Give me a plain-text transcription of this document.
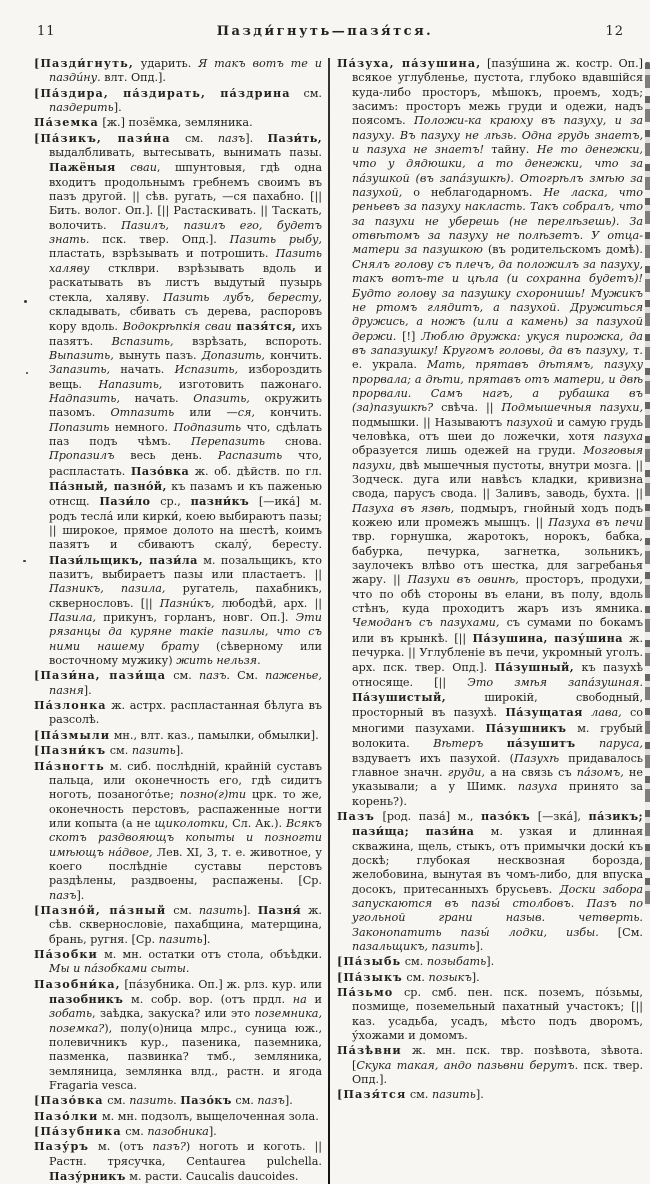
11	Пазди́гнуть—пазя́тся.	12

[Пазди́гнуть, ударить. Я такъ вотъ те и пазди́ну. влт. Опд.].

[Па́здира, па́здирать, па́здрина см. паздерить].

Па́земка [ж.] позёмка, земляника.

[Па́зикъ, пази́на см. пазъ]. Пази́ть, выдалбливать, вытесывать, вынимать пазы. Пажёныя сваи, шпунтовыя, гдѣ одна входитъ продольнымъ гребнемъ своимъ въ пазъ другой. || сѣв. ругать, —ся пахабно. [|| Бить. волог. Оп.]. [|| Растаскивать. || Таскать, волочить. Пазилъ, пазилъ его, будетъ знать. пск. твер. Опд.]. Пазить рыбу, пластать, взрѣзывать и потрошить. Пазить халяву стклври. взрѣзывать вдоль и раскатывать въ листъ выдутый пузырь стекла, халяву. Пазить лубъ, бересту, складывать, сбивать съ дерева, распоровъ кору вдоль. Водокрѣпкія сваи пазя́тся, ихъ пазятъ. Вспазить, взрѣзать, вспороть. Выпазить, вынуть пазъ. Допазить, кончить. Запазить, начать. Испазить, избороздить вещь. Напазить, изготовить пажонаго. Надпазить, начать. Опазить, окружить пазомъ. Отпазить или —ся, кончить. Попазить немного. Подпазить что, сдѣлать паз подъ чѣмъ. Перепазить снова. Пропазилъ весь день. Распазить что, распластать. Пазо́вка ж. об. дѣйств. по гл. Па́зный, пазно́й, къ пазамъ и къ паженью отнсщ. Пази́ло ср., пазни́къ [—ика́] м. родъ тесла́ или кирки́, коею выбираютъ пазы; || широкое, прямое долото на шестѣ, коимъ пазятъ и сбиваютъ скалу́, бересту. Пази́льщикъ, пази́ла м. позальщикъ, кто пазитъ, выбираетъ пазы или пластаетъ. || Пазникъ, пазила, ругатель, пахабникъ, сквернословъ. [|| Пазни́къ, любодѣй, арх. || Пазила, прикунъ, горланъ, новг. Оп.]. Эти рязанцы да куряне такіе пазилы, что съ ними нашему брату (сѣверному или восточному мужику) жить нельзя.

[Пази́на, пази́ща см. пазъ. См. паженье, пазня].

Па́злонка ж. астрх. распластанная бѣлуга въ разсолѣ.

[Па́змыли мн., влт. каз., памылки, обмылки].

[Пазни́къ см. пазить].

Па́зногть м. сиб. послѣдній, крайній суставъ пальца, или оконечность его, гдѣ сидитъ ноготь, позаного́тье; позно(г)ти црк. то же, оконечность перстовъ, распаженные ногти или копыта (а не щиколотки, Сл. Ак.). Всякъ скотъ раздвояющъ копыты и позногти имѣющъ на́двое, Лев. XI, 3, т. е. животное, у коего послѣдніе суставы перстовъ раздѣлены, раздвоены, распажены. [Ср. пазъ].

[Пазно́й, па́зный см. пазить]. Пазня́ ж. сѣв. сквернословіе, пахабщина, матерщина, брань, ругня. [Ср. пазить].

Па́зобки м. мн. остатки отъ стола, объѣдки. Мы и па́зобками сыты.

Пазобни́ка, [па́зубника. Оп.] ж. рлз. кур. или пазобникъ м. собр. вор. (отъ прдл. на и зобать, заѣдка, закуска? или это поземника, поземка?), полу(о)ница млрс., суница юж., полевичникъ кур., пазеника, паземника, пазменка, пазвинка? тмб., земляника, земляница, землянка влд., растн. и ягода Fragaria vesca.

[Пазо́вка см. пазить. Пазо́къ см. пазъ].

Пазо́лки м. мн. подзолъ, выщелоченная зола.

[Па́зубника см. пазобника].

Пазу́ръ м. (отъ пазъ?) ноготь и коготь. || Растн. трясучка, Centaurea pulchella. Пазу́рникъ м. расти. Caucalis daucoides.

Па́зуха, па́зушина, [пазу́шина ж. костр. Оп.] всякое углубленье, пустота, глубоко вдавшійся куда-либо просторъ, мѣшокъ, проемъ, ходъ; засимъ: просторъ межь груди и одежи, надъ поясомъ. Положи-ка краюху въ пазуху, и за пазуху. Въ пазуху не лѣзь. Одна грудь знаетъ, и пазуха не знаетъ! тайну. Не то денежки, что у дядюшки, а то денежки, что за па́зушкой (въ запа́зушкѣ). Отогрѣлъ змѣю за пазухой, о неблагодарномъ. Не ласка, что реньевъ за пазуху накласть. Такъ собралъ, что за пазухи не уберешь (не перелѣзешь). За отвѣтомъ за пазуху не полѣзетъ. У отца-матери за пазушкою (въ родительскомъ домѣ). Снялъ голову съ плечъ, да положилъ за пазуху, такъ вотъ-те и цѣла (и сохранна будетъ)! Будто голову за пазушку схоронишь! Мужикъ не ртомъ глядитъ, а пазухой. Дружиться дружись, а ножъ (или а камень) за пазухой держи. [!] Люблю дружка: укуся пирожка, да въ запазушку! Кругомъ головы, да въ пазуху, т. е. украла. Мать, прятавъ дѣтямъ, пазуху прорвала; а дѣти, прятавъ отъ матери, и двѣ прорвали. Самъ нагъ, а рубашка въ (за)пазушкѣ? свѣча. || Подмышечныя пазухи, подмышки. || Называютъ пазухой и самую грудь человѣка, отъ шеи до ложечки, хотя пазуха образуется лишь одежей на груди. Мозговыя пазухи, двѣ мышечныя пустоты, внутри мозга. || Зодческ. дуга или навѣсъ кладки, кривизна свода, парусъ свода. || Заливъ, заводь, бухта. || Пазуха въ язвѣ, подмыръ, гнойный ходъ подъ кожею или промежъ мышцъ. || Пазуха въ печи твр. горнушка, жаротокъ, норокъ, бабка, бабурка, печурка, загнетка, зольникъ, заулочекъ влѣво отъ шестка, для загребанья жару. || Пазухи въ овинѣ, просторъ, продухи, что по обѣ стороны въ елани, въ полу, вдоль стѣнъ, куда проходитъ жаръ изъ ямника. Чемоданъ съ пазухами, съ сумами по бокамъ или въ крынкѣ. [|| Па́зушина, пазу́шина ж. печурка. || Углубленіе въ печи, укромный уголъ. арх. пск. твер. Опд.]. Па́зушный, къ пазухѣ относяще. [|| Это змѣя запа́зушная. Па́зушистый, широкій, свободный, просторный въ пазухѣ. Па́зущатая лава, со многими пазухами. Па́зушникъ м. грубый волокита. Вѣтеръ па́зушитъ паруса, вздуваетъ ихъ пазухой. (Пазухѣ придавалось главное значн. груди, а на связь съ па́зомъ, не указывали; а у Шимк. пазуха принято за корень?).

Пазъ [род. паза́] м., пазо́къ [—зка́], па́зикъ; пази́ща; пази́на м. узкая и длинная скважина, щель, стыкъ, отъ примычки доски́ къ доскѣ; глубокая несквозная борозда, желобовина, вынутая въ чомъ-либо, для впуска досокъ, притесанныхъ брусьевъ. Доски забора запускаются въ пазы́ столбовъ. Пазъ по угольной грани назыв. четверть. Законопатить пазы́ лодки, избы. [См. пазальщикъ, пазить].

[Па́зыбь см. позыбать].

[Па́зыкъ см. позыкъ].

Па́зьмо ср. смб. пен. пск. поземъ, по́зьмы, позмище, поземельный пахатный участокъ; [|| каз. усадьба, усадъ, мѣсто подъ дворомъ, у́хожами и домомъ.

Па́зѣвни ж. мн. пск. твр. позѣвота, зѣвота. [Скука такая, андо пазьвни берутъ. пск. твер. Опд.].

[Пазя́тся см. пазить].
